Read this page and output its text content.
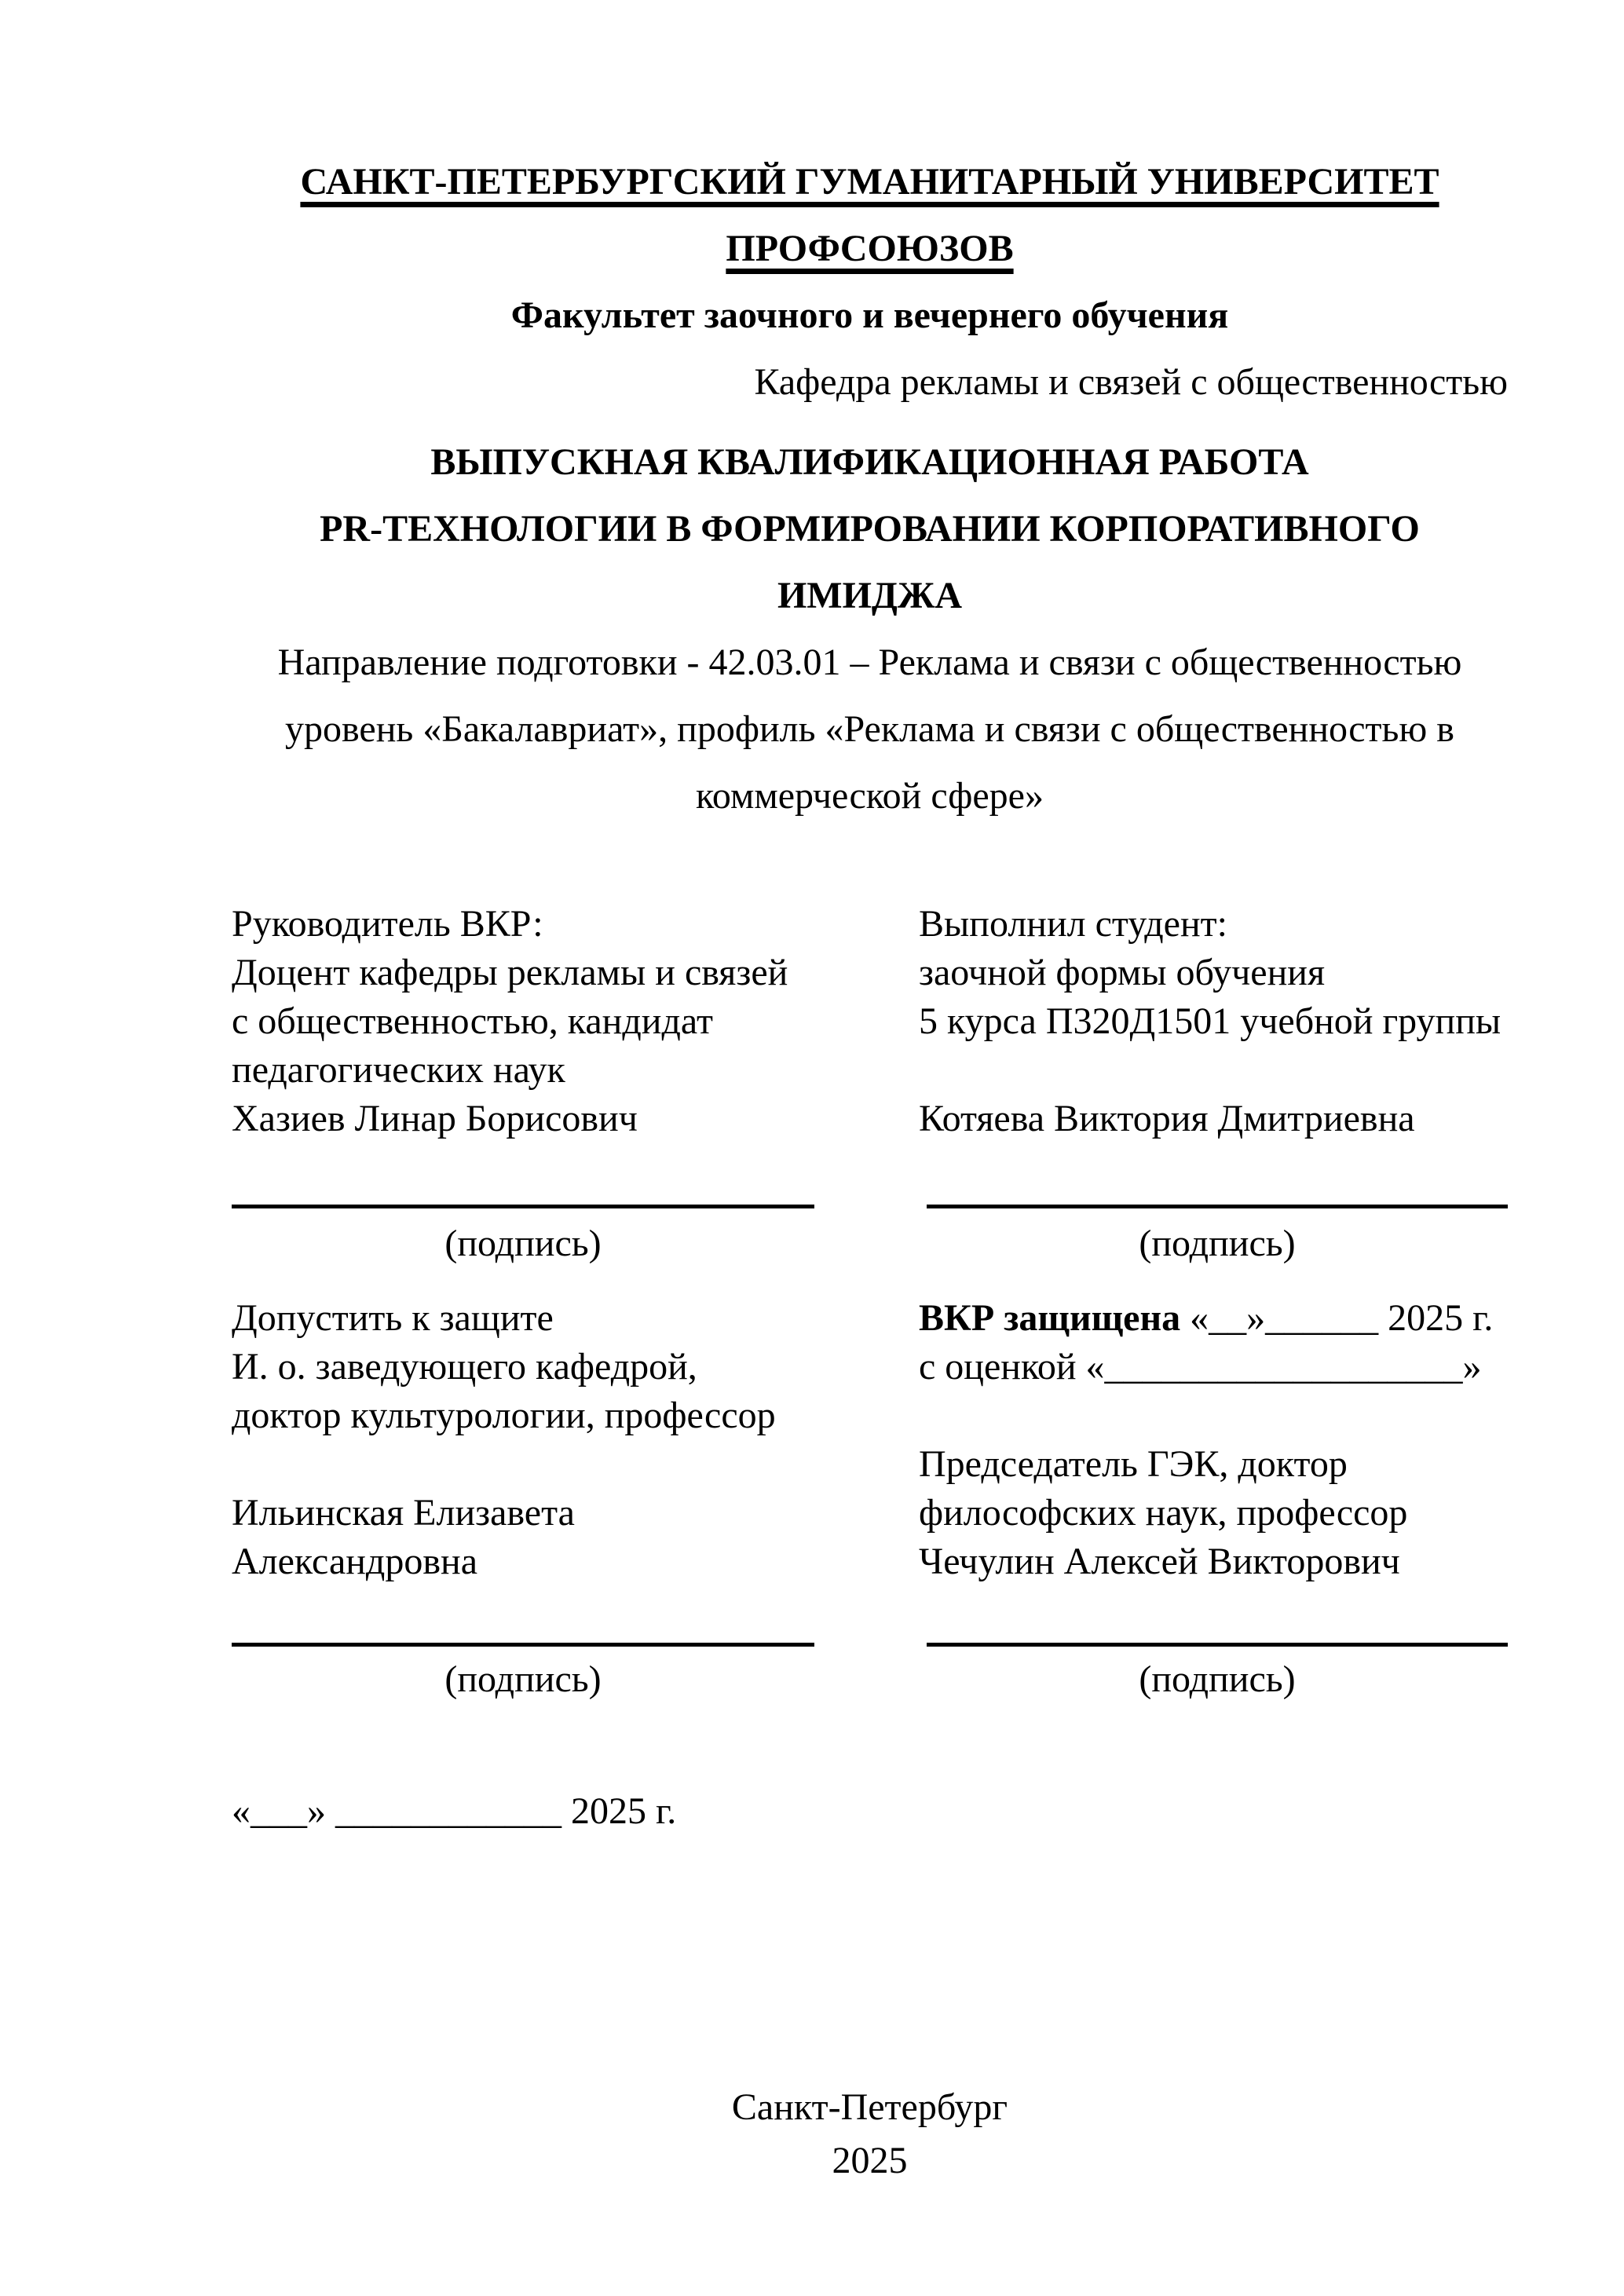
САНКТ-ПЕТЕРБУРГСКИЙ ГУМАНИТАРНЫЙ УНИВЕРСИТЕТ
ПРОФСОЮЗОВ
Факультет заочного и вечернего обучения
Кафедра рекламы и связей с общественностью
ВЫПУСКНАЯ КВАЛИФИКАЦИОННАЯ РАБОТА
PR-ТЕХНОЛОГИИ В ФОРМИРОВАНИИ КОРПОРАТИВНОГО
ИМИДЖА
Направление подготовки - 42.03.01 – Реклама и связи с общественностью
уровень «Бакалавриат», профиль «Реклама и связи с общественностью в
коммерческой сфере»
Руководитель ВКР:
Доцент кафедры рекламы и связей
с общественностью, кандидат
педагогических наук
Хазиев Линар Борисович
Выполнил студент:
заочной формы обучения
5 курса П320Д1501 учебной группы
Котяева Виктория Дмитриевна
(подпись)	(подпись)
Допустить к защите
И. о. заведующего кафедрой,
доктор культурологии, профессор
Ильинская Елизавета
Александровна
ВКР защищена «__»______ 2025 г.
с оценкой «___________________»
Председатель ГЭК, доктор
философских наук, профессор
Чечулин Алексей Викторович
(подпись)	(подпись)
«___» ____________ 2025 г.
Санкт-Петербург
2025
